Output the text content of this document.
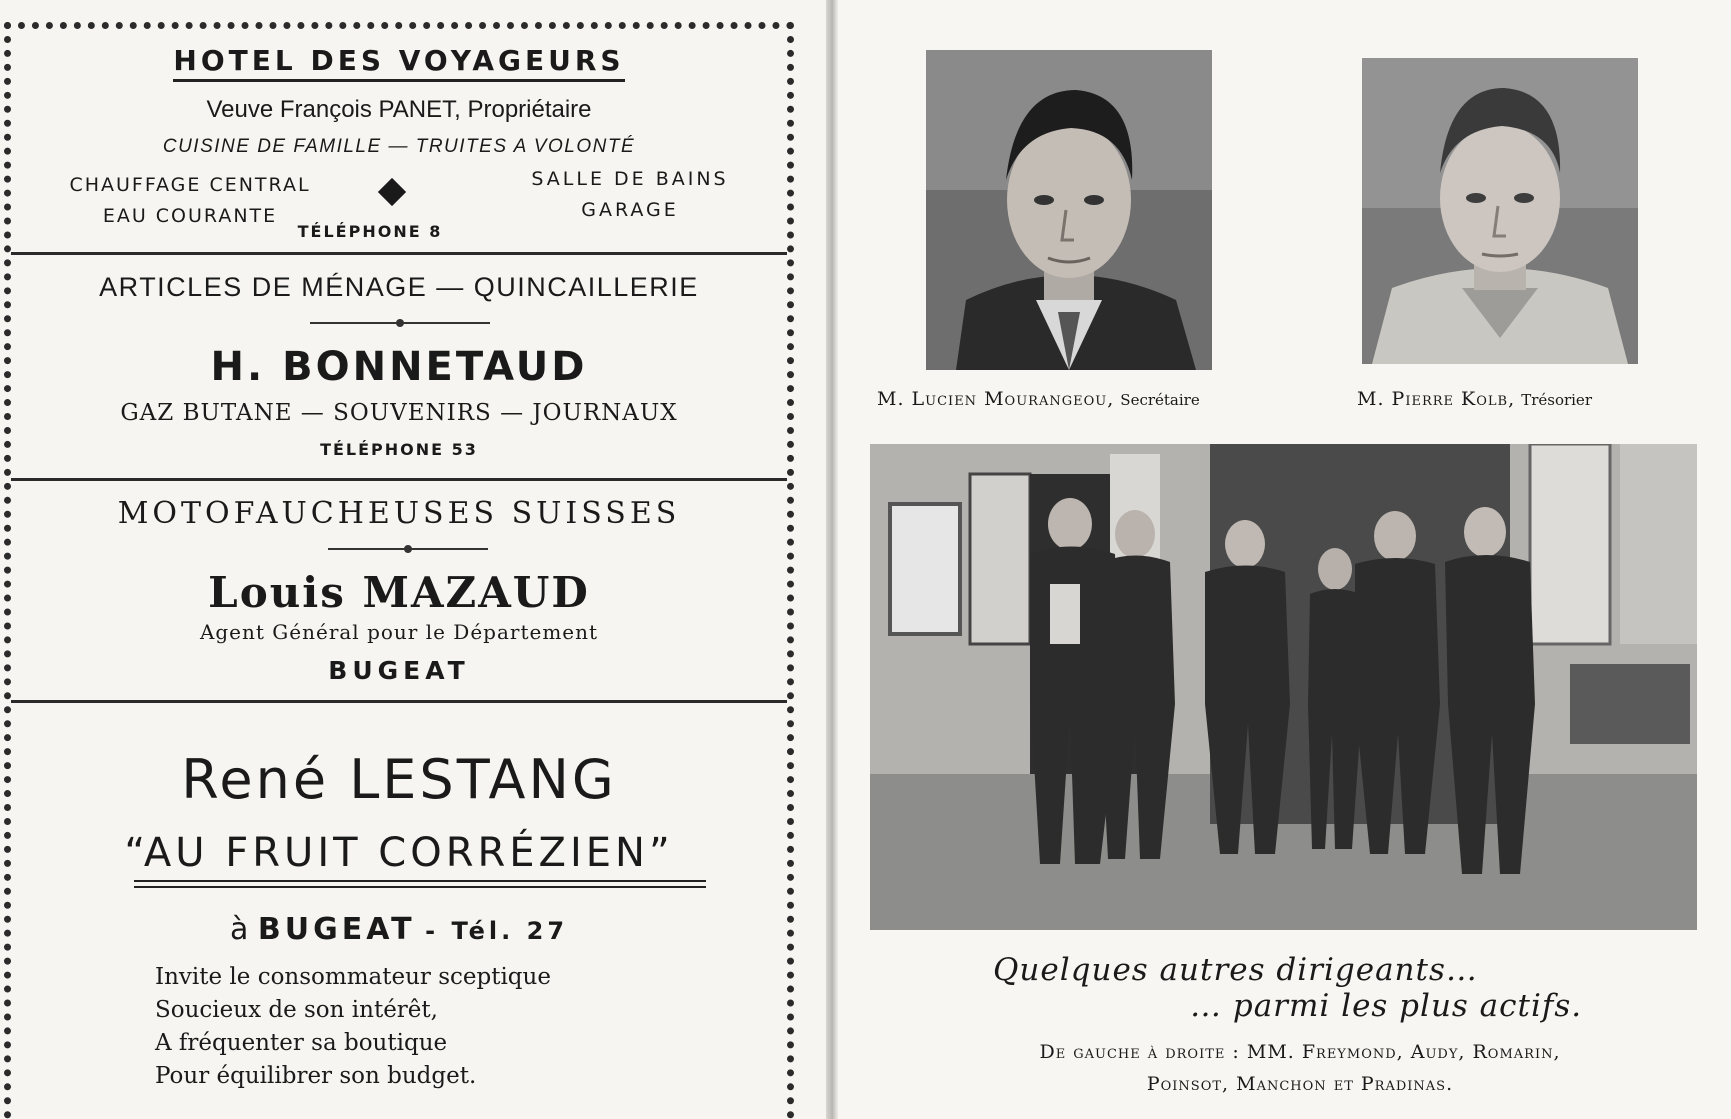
HOTEL DES VOYAGEURS
Veuve François PANET, Propriétaire
CUISINE DE FAMILLE — TRUITES A VOLONTÉ
CHAUFFAGE CENTRAL
EAU COURANTE
SALLE DE BAINS
GARAGE
TÉLÉPHONE 8
ARTICLES DE MÉNAGE — QUINCAILLERIE
H. BONNETAUD
GAZ BUTANE — SOUVENIRS — JOURNAUX
TÉLÉPHONE 53
MOTOFAUCHEUSES SUISSES
Louis MAZAUD
Agent Général pour le Département
BUGEAT
René LESTANG
“AU FRUIT CORRÉZIEN”
à BUGEAT - Tél. 27
Invite le consommateur sceptique
Soucieux de son intérêt,
A fréquenter sa boutique
Pour équilibrer son budget.
M. Lucien Mourangeou, Secrétaire	M. Pierre Kolb, Trésorier
Quelques autres dirigeants…
… parmi les plus actifs.
De gauche à droite : MM. Freymond, Audy, Romarin,
Poinsot, Manchon et Pradinas.
